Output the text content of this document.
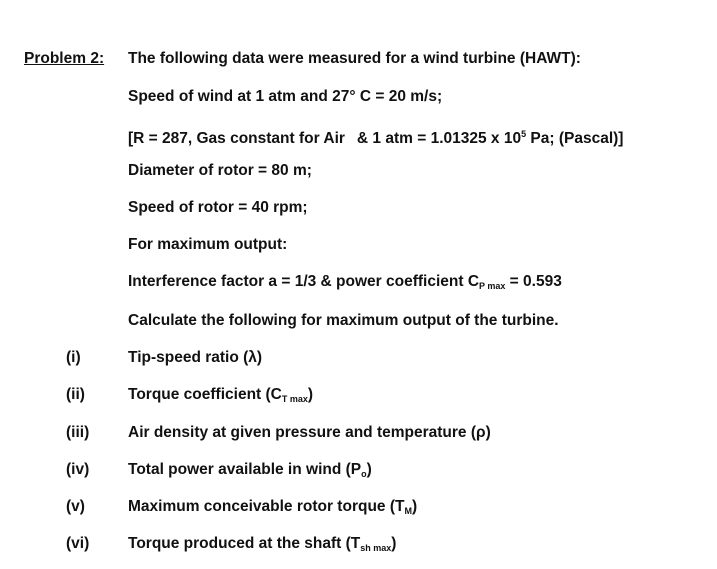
Problem 2: The following data were measured for a wind turbine (HAWT):
Speed of wind at 1 atm and 27° C = 20 m/s;
[R = 287, Gas constant for Air & 1 atm = 1.01325 x $10^5$ Pa; (Pascal)]
Diameter of rotor = 80 m;
Speed of rotor = 40 rpm;
For maximum output:
Interference factor a = 1/3 & power coefficient $C_{P max} = 0.593$
Calculate the following for maximum output of the turbine.
(i)	Tip-speed ratio (λ)
(ii)	Torque coefficient $(C_{T max})$
(iii)	Air density at given pressure and temperature (ρ)
(iv)	Total power available in wind $(P_o)$
(v)	Maximum conceivable rotor torque $(T_M)$
(vi)	Torque produced at the shaft $(T_{sh max})$
